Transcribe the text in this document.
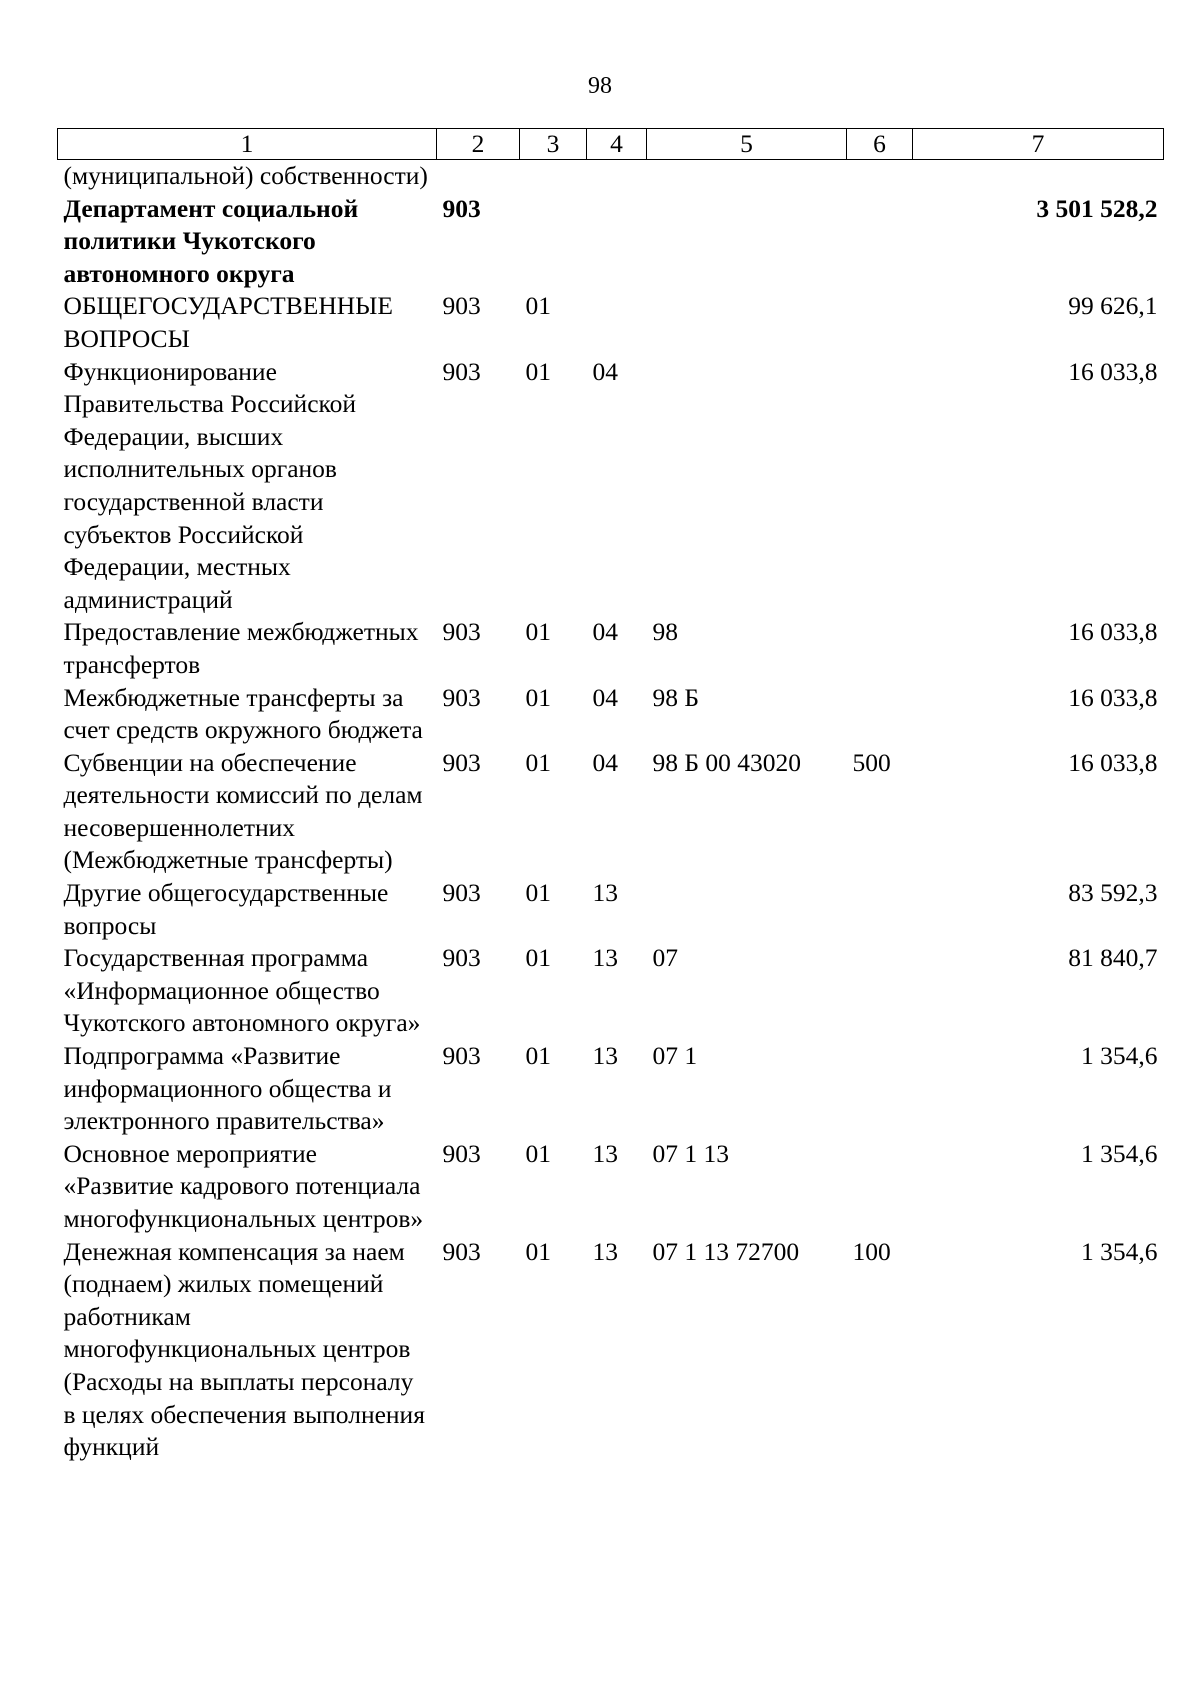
98
1	2	3	4	5	6	7
(муниципальной) собственности)						
Департамент социальной политики Чукотского автономного округа	903					3 501 528,2
ОБЩЕГОСУДАРСТВЕННЫЕ ВОПРОСЫ	903	01				99 626,1
Функционирование Правительства Российской Федерации, высших исполнительных органов государственной власти субъектов Российской Федерации, местных администраций	903	01	04			16 033,8
Предоставление межбюджетных трансфертов	903	01	04	98		16 033,8
Межбюджетные трансферты за счет средств окружного бюджета	903	01	04	98 Б		16 033,8
Субвенции на обеспечение деятельности комиссий по делам несовершеннолетних (Межбюджетные трансферты)	903	01	04	98 Б 00 43020	500	16 033,8
Другие общегосударственные вопросы	903	01	13			83 592,3
Государственная программа «Информационное общество Чукотского автономного округа»	903	01	13	07		81 840,7
Подпрограмма «Развитие информационного общества и электронного правительства»	903	01	13	07 1		1 354,6
Основное мероприятие «Развитие кадрового потенциала многофункциональных центров»	903	01	13	07 1 13		1 354,6
Денежная компенсация за наем (поднаем) жилых помещений работникам многофункциональных центров (Расходы на выплаты персоналу в целях обеспечения выполнения функций	903	01	13	07 1 13 72700	100	1 354,6
